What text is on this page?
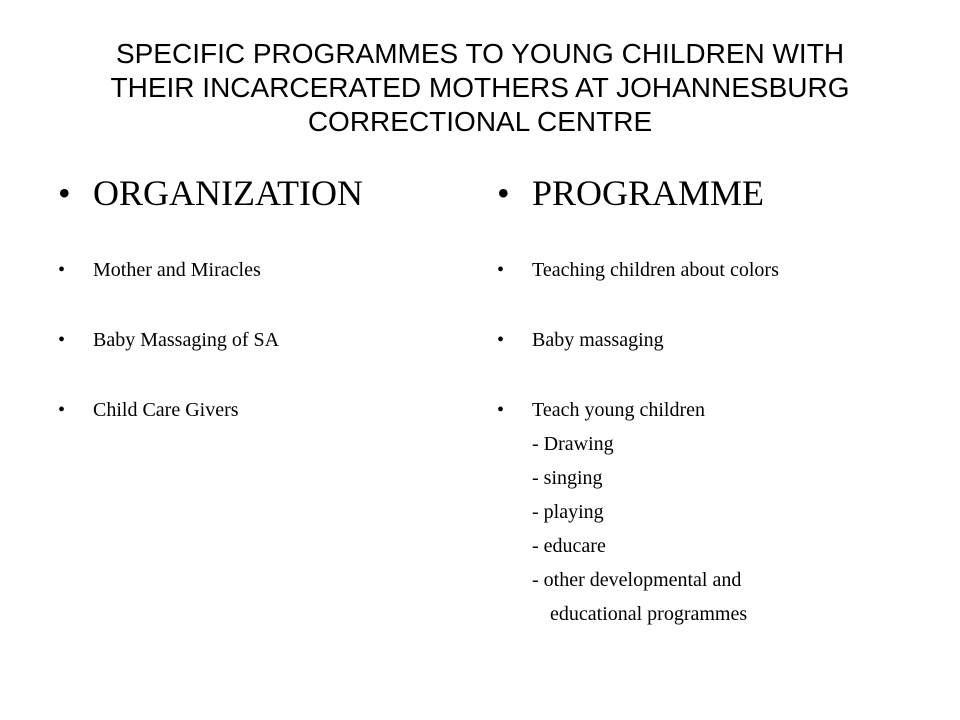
SPECIFIC PROGRAMMES TO YOUNG CHILDREN WITH
THEIR INCARCERATED MOTHERS AT JOHANNESBURG
CORRECTIONAL CENTRE
• ORGANIZATION
• Mother and Miracles
• Baby Massaging of SA
• Child Care Givers
• PROGRAMME
• Teaching children about colors
• Baby massaging
• Teach young children
- Drawing
- singing
- playing
- educare
- other developmental and
educational programmes
